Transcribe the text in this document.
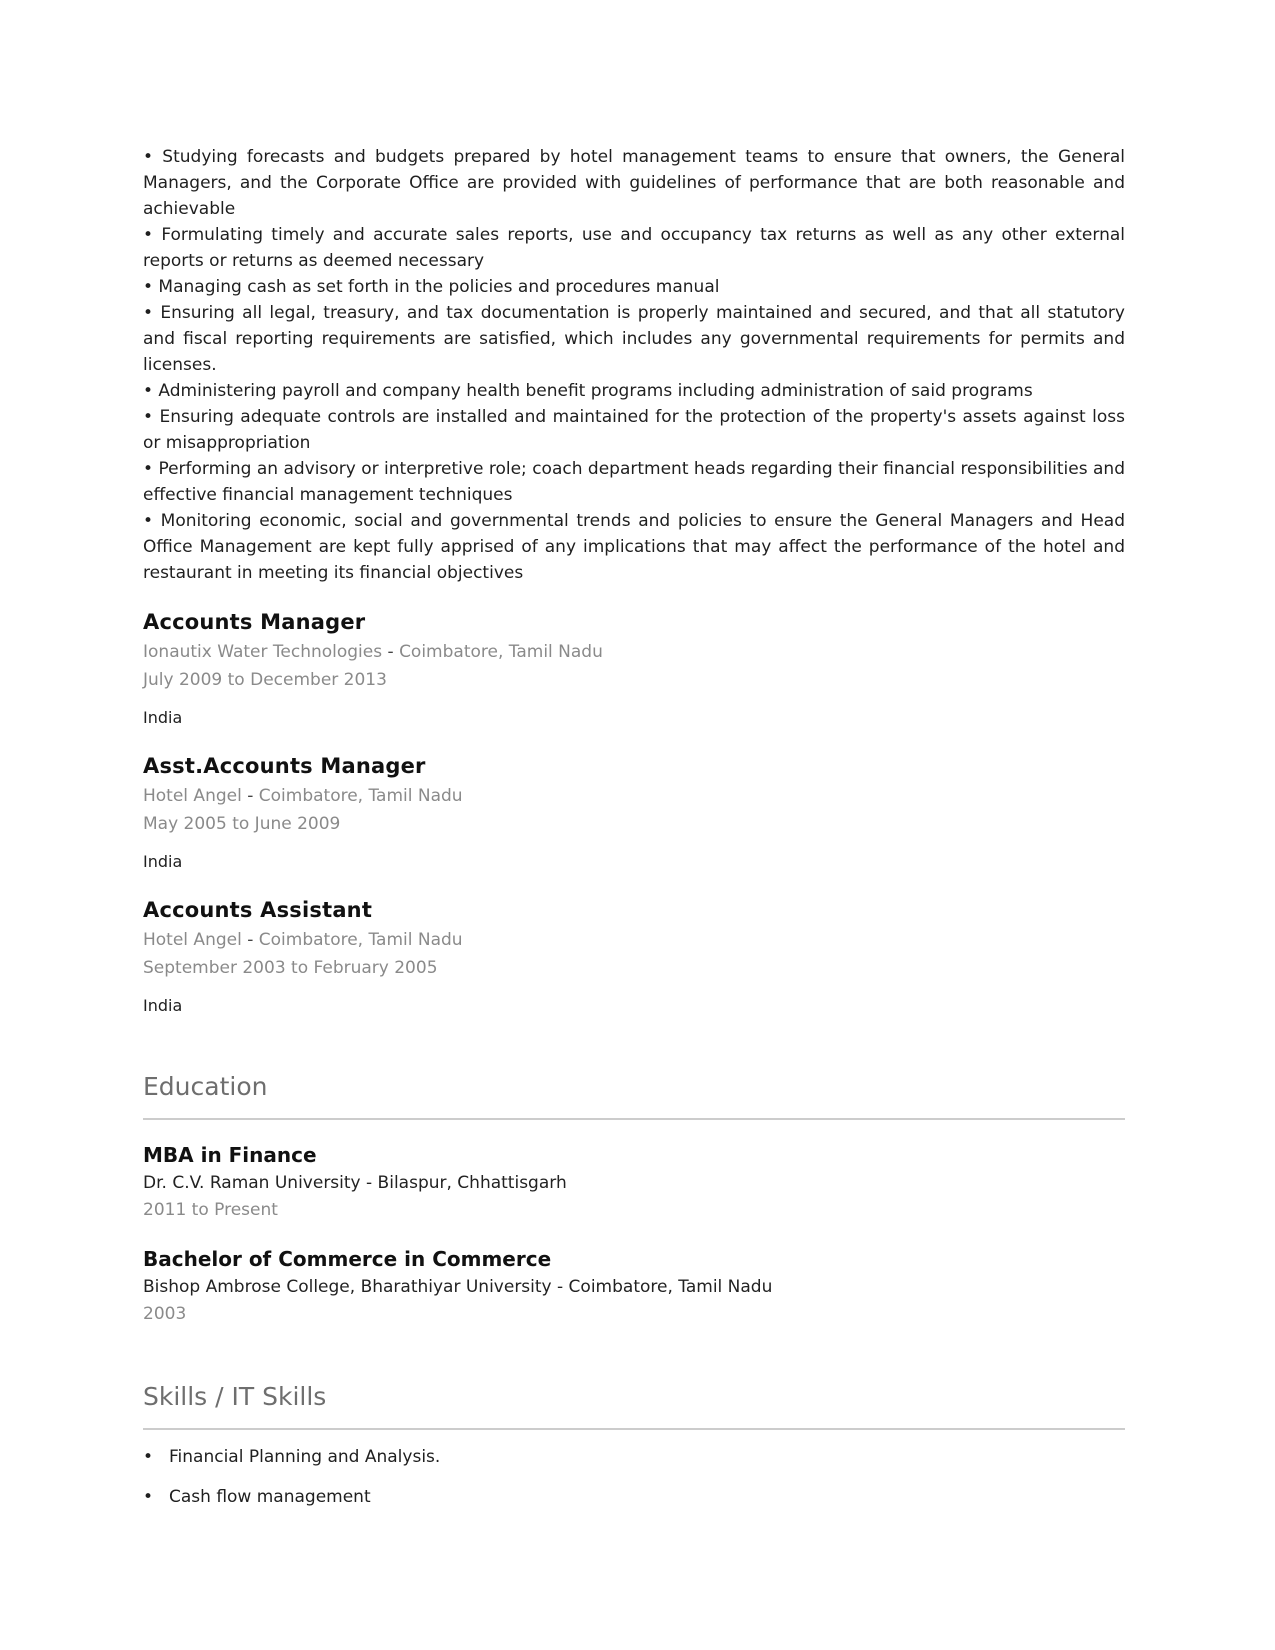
• Studying forecasts and budgets prepared by hotel management teams to ensure that owners, the General Managers, and the Corporate Office are provided with guidelines of performance that are both reasonable and achievable

• Formulating timely and accurate sales reports, use and occupancy tax returns as well as any other external reports or returns as deemed necessary

• Managing cash as set forth in the policies and procedures manual

• Ensuring all legal, treasury, and tax documentation is properly maintained and secured, and that all statutory and fiscal reporting requirements are satisfied, which includes any governmental requirements for permits and licenses.

• Administering payroll and company health benefit programs including administration of said programs

• Ensuring adequate controls are installed and maintained for the protection of the property's assets against loss or misappropriation

• Performing an advisory or interpretive role; coach department heads regarding their financial responsibilities and effective financial management techniques

• Monitoring economic, social and governmental trends and policies to ensure the General Managers and Head Office Management are kept fully apprised of any implications that may affect the performance of the hotel and restaurant in meeting its financial objectives

Accounts Manager

Ionautix Water Technologies - Coimbatore, Tamil Nadu

July 2009 to December 2013

India

Asst.Accounts Manager

Hotel Angel - Coimbatore, Tamil Nadu

May 2005 to June 2009

India

Accounts Assistant

Hotel Angel - Coimbatore, Tamil Nadu

September 2003 to February 2005

India

Education
MBA in Finance

Dr. C.V. Raman University - Bilaspur, Chhattisgarh

2011 to Present

Bachelor of Commerce in Commerce

Bishop Ambrose College, Bharathiyar University - Coimbatore, Tamil Nadu

2003

Skills / IT Skills
• Financial Planning and Analysis.
• Cash flow management
